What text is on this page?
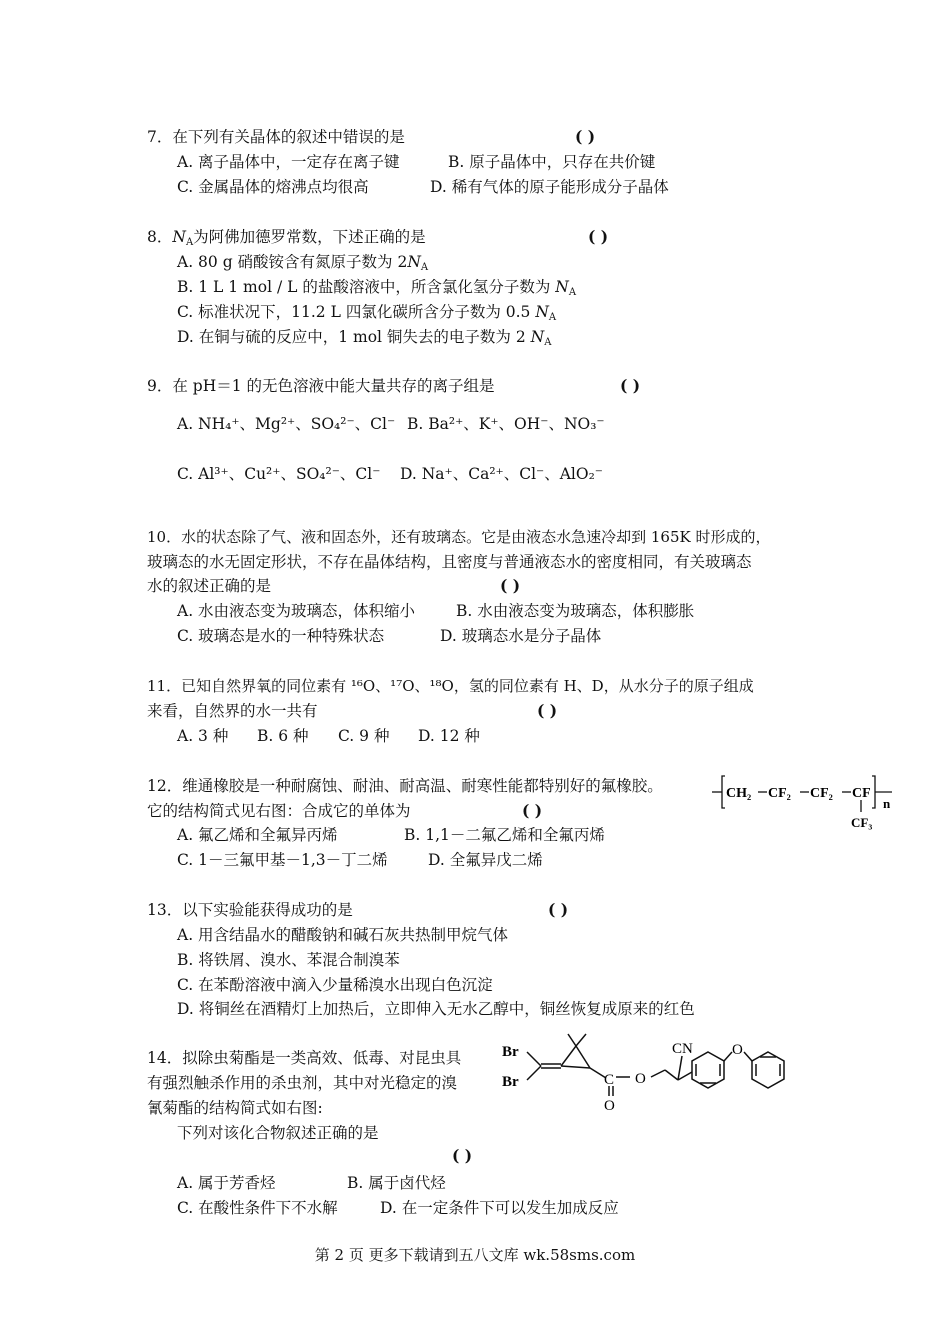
7．在下列有关晶体的叙述中错误的是	( )
A. 离子晶体中，一定存在离子键	B. 原子晶体中，只存在共价键
C. 金属晶体的熔沸点均很高	D. 稀有气体的原子能形成分子晶体
8．$N_A$为阿佛加德罗常数，下述正确的是	( )
A. 80 g 硝酸铵含有氮原子数为 $2N_A$
B. 1 L 1 mol / L 的盐酸溶液中，所含氯化氢分子数为 $N_A$
C. 标准状况下，11.2 L 四氯化碳所含分子数为 0.5 $N_A$
D. 在铜与硫的反应中，1 mol 铜失去的电子数为 2 $N_A$
9．在 pH＝1 的无色溶液中能大量共存的离子组是	( )
A. NH₄⁺、Mg²⁺、SO₄²⁻、Cl⁻ B. Ba²⁺、K⁺、OH⁻、NO₃⁻
C. Al³⁺、Cu²⁺、SO₄²⁻、Cl⁻ D. Na⁺、Ca²⁺、Cl⁻、AlO₂⁻
10．水的状态除了气、液和固态外，还有玻璃态。它是由液态水急速冷却到 165K 时形成的，
玻璃态的水无固定形状，不存在晶体结构，且密度与普通液态水的密度相同，有关玻璃态
水的叙述正确的是	( )
A. 水由液态变为玻璃态，体积缩小	B. 水由液态变为玻璃态，体积膨胀
C. 玻璃态是水的一种特殊状态	D. 玻璃态水是分子晶体
11．已知自然界氧的同位素有 ¹⁶O、¹⁷O、¹⁸O，氢的同位素有 H、D，从水分子的原子组成
来看，自然界的水一共有	( )
A. 3 种 B. 6 种 C. 9 种 D. 12 种
12．维通橡胶是一种耐腐蚀、耐油、耐高温、耐寒性能都特别好的氟橡胶。
它的结构简式见右图：合成它的单体为	( )
A. 氟乙烯和全氟异丙烯	B. 1,1－二氟乙烯和全氟丙烯
C. 1－三氟甲基－1,3－丁二烯	D. 全氟异戊二烯
CH₂ CF₂ CF₂ CF
n
CF₃
13．以下实验能获得成功的是	( )
A. 用含结晶水的醋酸钠和碱石灰共热制甲烷气体
B. 将铁屑、溴水、苯混合制溴苯
C. 在苯酚溶液中滴入少量稀溴水出现白色沉淀
D. 将铜丝在酒精灯上加热后，立即伸入无水乙醇中，铜丝恢复成原来的红色
14．拟除虫菊酯是一类高效、低毒、对昆虫具
有强烈触杀作用的杀虫剂，其中对光稳定的溴
氰菊酯的结构简式如右图:
下列对该化合物叙述正确的是
( )
A. 属于芳香烃	B. 属于卤代烃
C. 在酸性条件下不水解	D. 在一定条件下可以发生加成反应
Br
Br	C
O
O
CN	O
第 2 页 更多下载请到五八文库 wk.58sms.com
